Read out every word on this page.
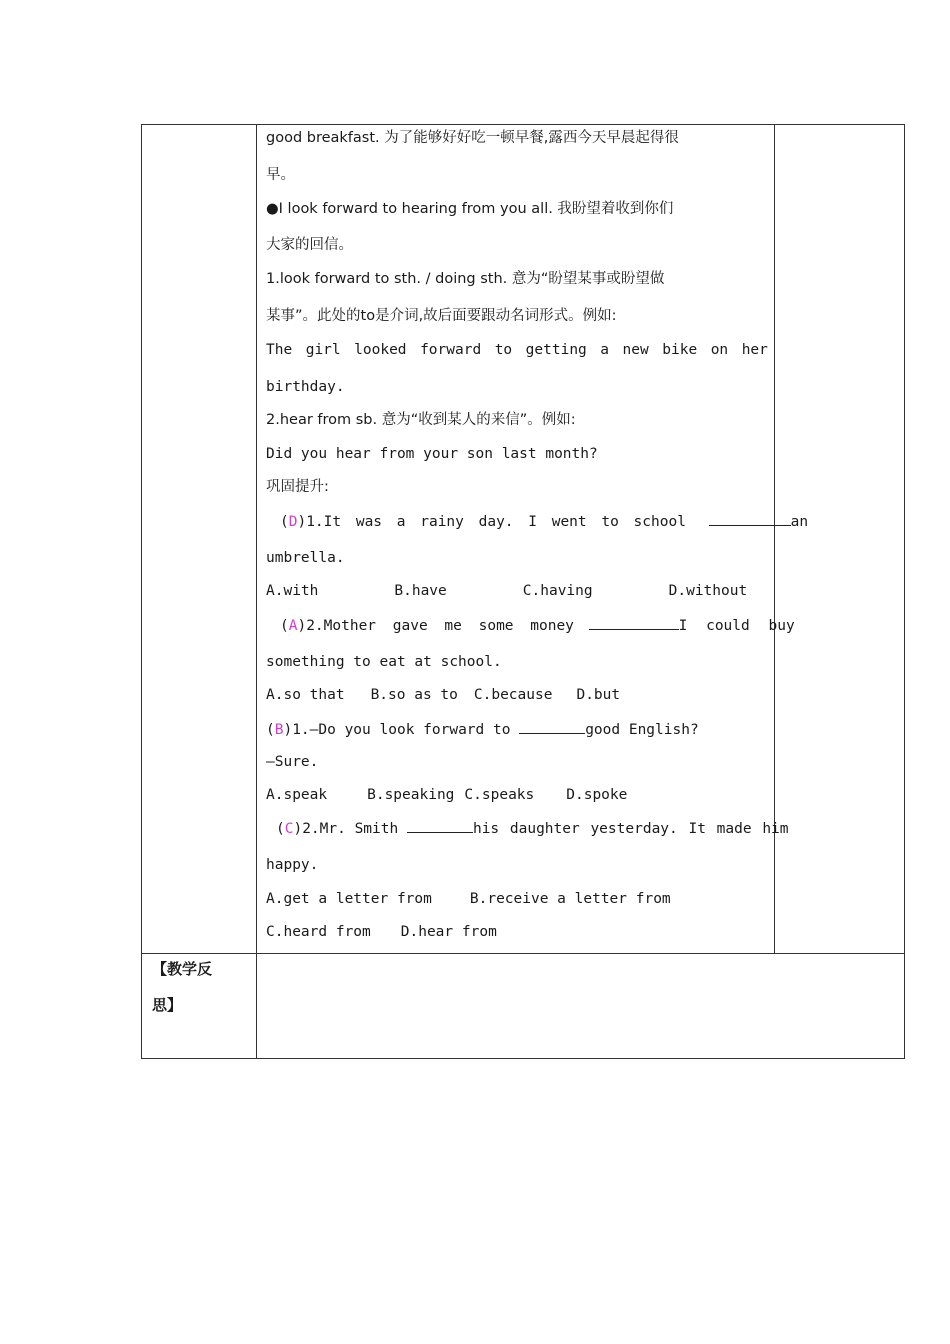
good breakfast. 为了能够好好吃一顿早餐,露西今天早晨起得很
早。
●I look forward to hearing from you all. 我盼望着收到你们
大家的回信。
1.look forward to sth. / doing sth. 意为“盼望某事或盼望做
某事”。此处的to是介词,故后面要跟动名词形式。例如:
The girl looked forward to getting a new bike on her
birthday.
2.hear from sb. 意为“收到某人的来信”。例如:
Did you hear from your son last month?
巩固提升:
(D)1.It was a rainy day. I went to school	an
umbrella.
A.with	B.have	C.having	D.without
(A)2.Mother gave me some money	I could buy
something to eat at school.
A.so that B.so as to C.because D.but
(B)1.—Do you look forward to	good English?
—Sure.
A.speak	B.speaking C.speaks D.spoke
(C)2.Mr. Smith	his daughter yesterday. It made him
happy.
A.get a letter from	B.receive a letter from
C.heard from D.hear from
【教学反
思】
